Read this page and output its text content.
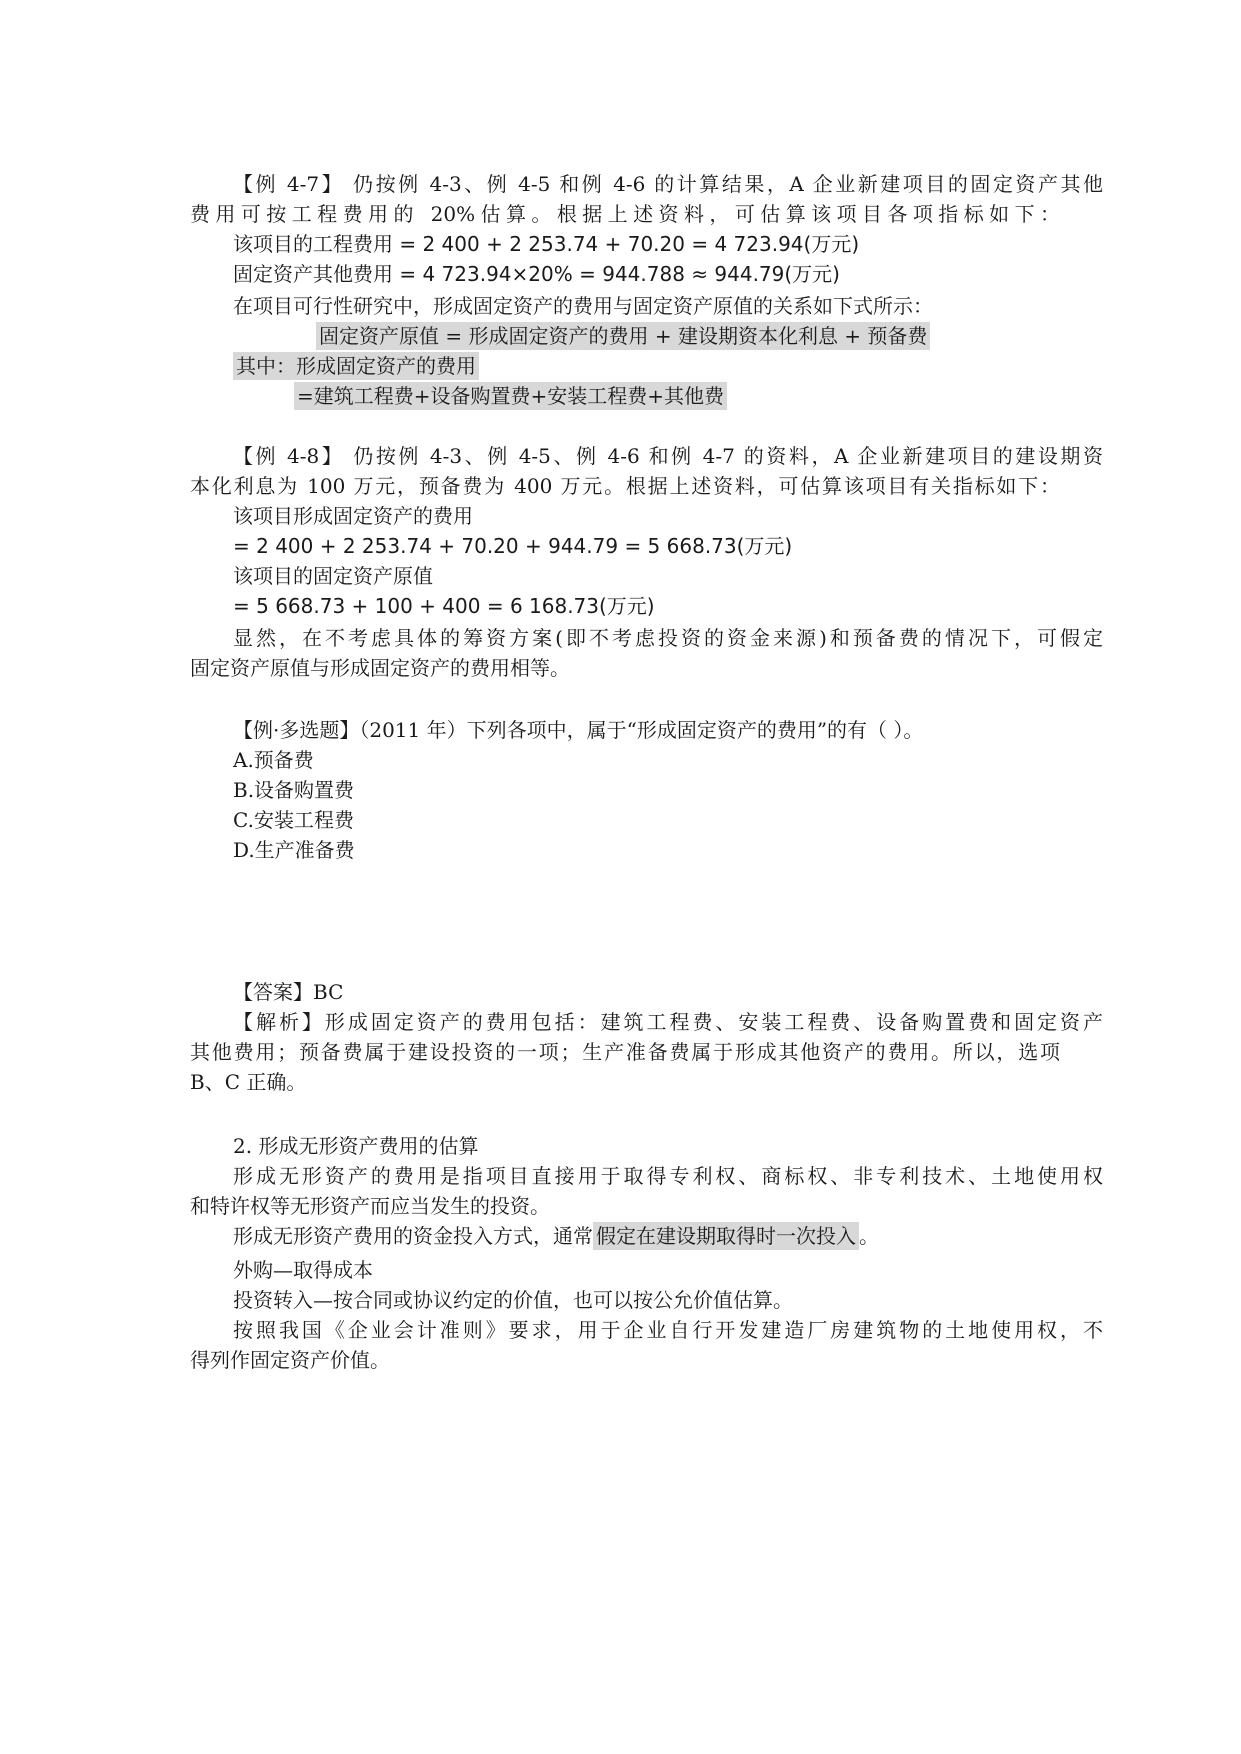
【例 4-7】 仍按例 4-3、例 4-5 和例 4-6 的计算结果，A 企业新建项目的固定资产其他
费用可按工程费用的 20%估算。根据上述资料，可估算该项目各项指标如下：
该项目的工程费用 = 2 400 + 2 253.74 + 70.20 = 4 723.94(万元)
固定资产其他费用 = 4 723.94×20% = 944.788 ≈ 944.79(万元)
在项目可行性研究中，形成固定资产的费用与固定资产原值的关系如下式所示：
固定资产原值 = 形成固定资产的费用 + 建设期资本化利息 + 预备费
其中：形成固定资产的费用
=建筑工程费+设备购置费+安装工程费+其他费
【例 4-8】 仍按例 4-3、例 4-5、例 4-6 和例 4-7 的资料，A 企业新建项目的建设期资
本化利息为 100 万元，预备费为 400 万元。根据上述资料，可估算该项目有关指标如下：
该项目形成固定资产的费用
= 2 400 + 2 253.74 + 70.20 + 944.79 = 5 668.73(万元)
该项目的固定资产原值
= 5 668.73 + 100 + 400 = 6 168.73(万元)
显然，在不考虑具体的筹资方案(即不考虑投资的资金来源)和预备费的情况下，可假定
固定资产原值与形成固定资产的费用相等。
【例·多选题】（2011 年）下列各项中，属于“形成固定资产的费用”的有（ ）。
A.预备费
B.设备购置费
C.安装工程费
D.生产准备费
【答案】BC
【解析】形成固定资产的费用包括：建筑工程费、安装工程费、设备购置费和固定资产
其他费用；预备费属于建设投资的一项；生产准备费属于形成其他资产的费用。所以，选项
B、C 正确。
2. 形成无形资产费用的估算
形成无形资产的费用是指项目直接用于取得专利权、商标权、非专利技术、土地使用权
和特许权等无形资产而应当发生的投资。
形成无形资产费用的资金投入方式，通常 假定在建设期取得时一次投入 。
外购—取得成本
投资转入—按合同或协议约定的价值，也可以按公允价值估算。
按照我国《企业会计准则》要求，用于企业自行开发建造厂房建筑物的土地使用权，不
得列作固定资产价值。
